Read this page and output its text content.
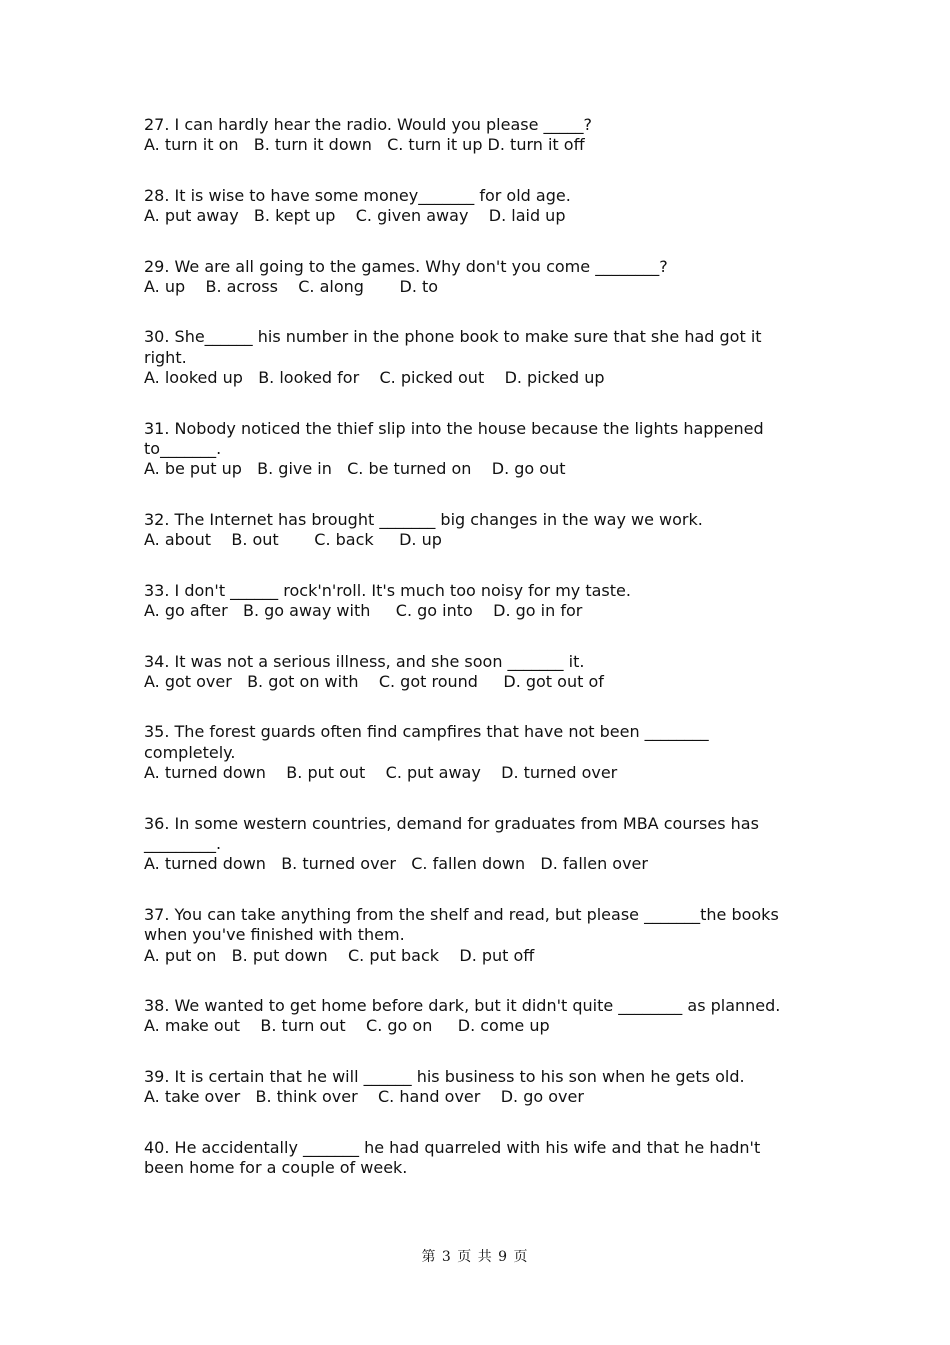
27. I can hardly hear the radio. Would you please _____?
A. turn it on   B. turn it down   C. turn it up D. turn it off
28. It is wise to have some money_______ for old age.
A. put away   B. kept up    C. given away    D. laid up
29. We are all going to the games. Why don't you come ________?
A. up    B. across    C. along       D. to
30. She______ his number in the phone book to make sure that she had got it right.
A. looked up   B. looked for    C. picked out    D. picked up
31. Nobody noticed the thief slip into the house because the lights happened to_______.
A. be put up   B. give in   C. be turned on    D. go out
32. The Internet has brought _______ big changes in the way we work.
A. about    B. out       C. back     D. up
33. I don't ______ rock'n'roll. It's much too noisy for my taste.
A. go after   B. go away with     C. go into    D. go in for
34. It was not a serious illness, and she soon _______ it.
A. got over   B. got on with    C. got round     D. got out of
35. The forest guards often find campfires that have not been ________ completely.
A. turned down    B. put out    C. put away    D. turned over
36. In some western countries, demand for graduates from MBA courses has _________.
A. turned down   B. turned over   C. fallen down   D. fallen over
37. You can take anything from the shelf and read, but please _______the books when you've finished with them.
A. put on   B. put down    C. put back    D. put off
38. We wanted to get home before dark, but it didn't quite ________ as planned.
A. make out    B. turn out    C. go on     D. come up
39. It is certain that he will ______ his business to his son when he gets old.
A. take over   B. think over    C. hand over    D. go over
40. He accidentally _______ he had quarreled with his wife and that he hadn't been home for a couple of week.
第 3 页 共 9 页
